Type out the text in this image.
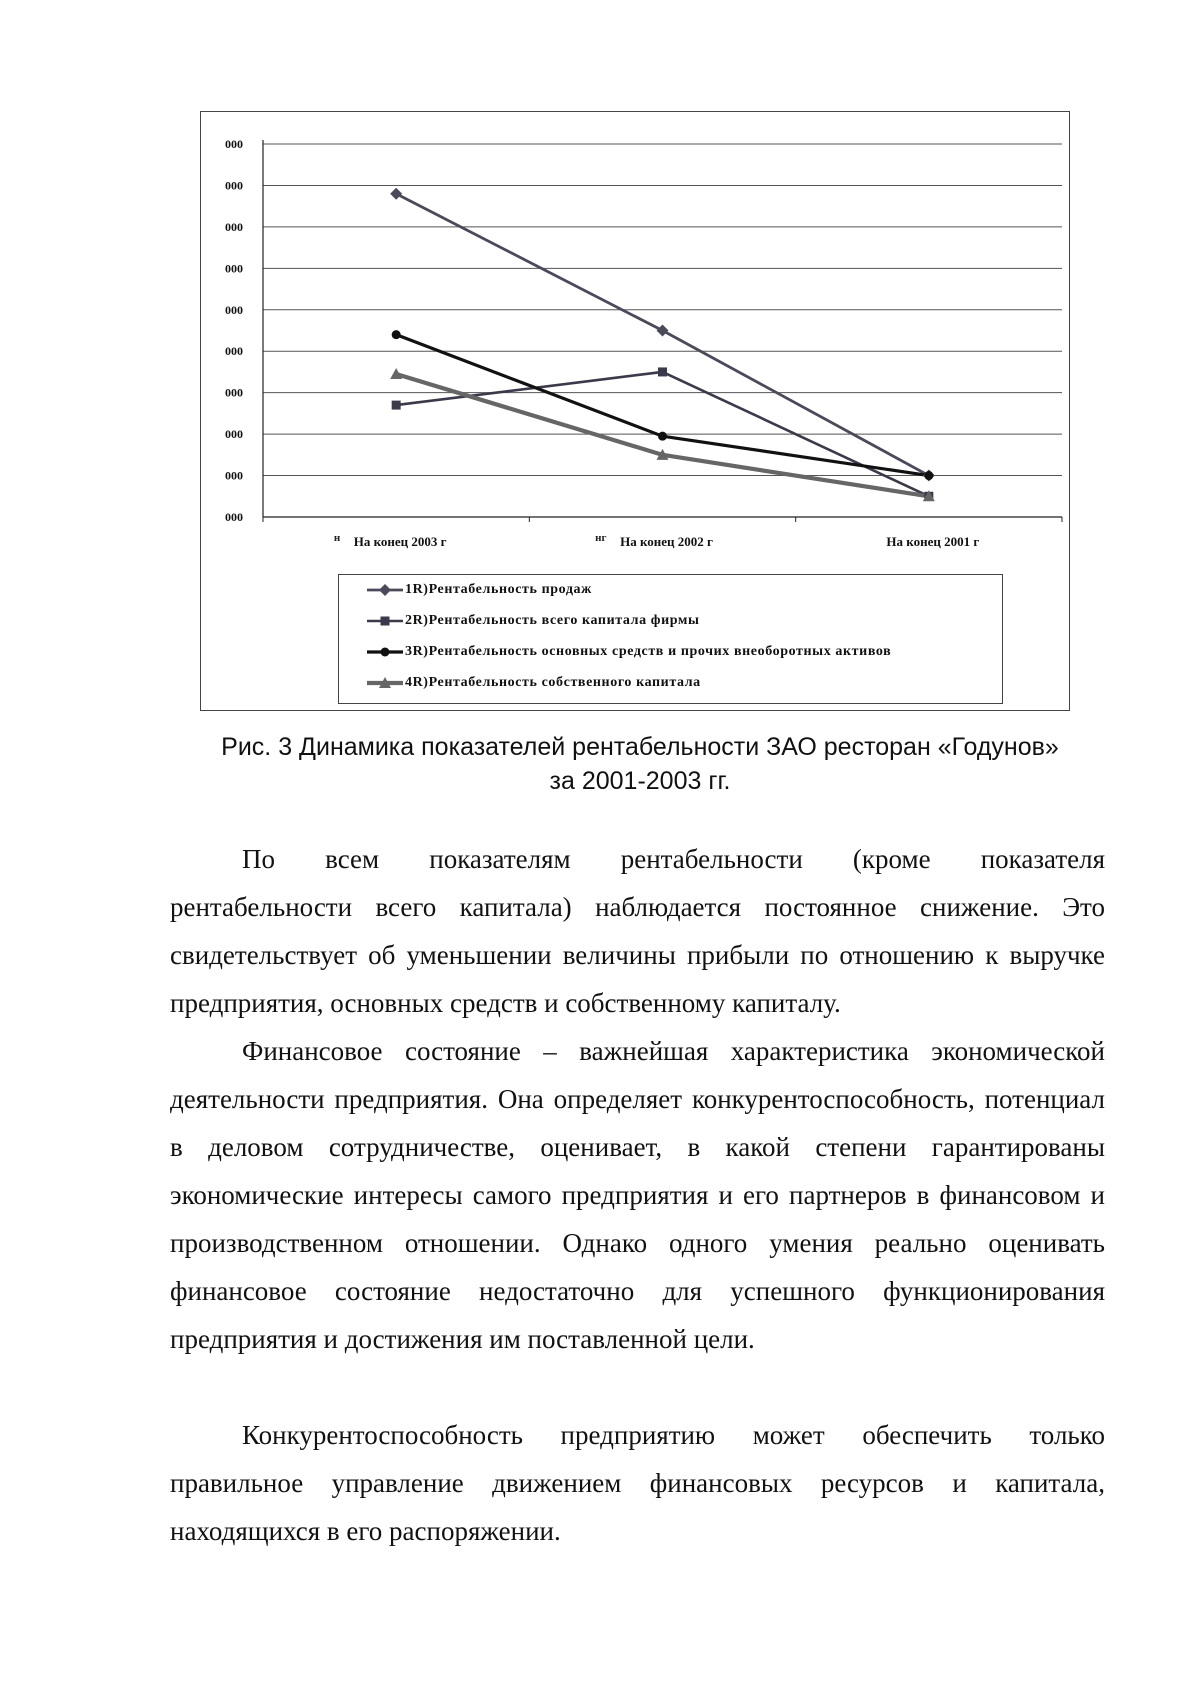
000
000
000
000
000
000
000
000
000
000
На конец 2003 г
н	На конец 2002 г
нг	На конец 2001 г
1R)Рентабельность продаж
2R)Рентабельность всего капитала фирмы
3R)Рентабельность основных средств и прочих внеоборотных активов
4R)Рентабельность собственного капитала
Рис. 3 Динамика показателей рентабельности ЗАО ресторан «Годунов»
за 2001-2003 гг.
По всем показателям рентабельности (кроме показателя
рентабельности всего капитала) наблюдается постоянное снижение. Это свидетельствует об уменьшении величины прибыли по отношению к выручке предприятия, основных средств и собственному капиталу.
Финансовое состояние – важнейшая характеристика экономической
деятельности предприятия. Она определяет конкурентоспособность, потенциал в деловом сотрудничестве, оценивает, в какой степени гарантированы экономические интересы самого предприятия и его партнеров в финансовом и производственном отношении. Однако одного умения реально оценивать финансовое состояние недостаточно для успешного функционирования предприятия и достижения им поставленной цели.
Конкурентоспособность предприятию может обеспечить только
правильное управление движением финансовых ресурсов и капитала, находящихся в его распоряжении.
